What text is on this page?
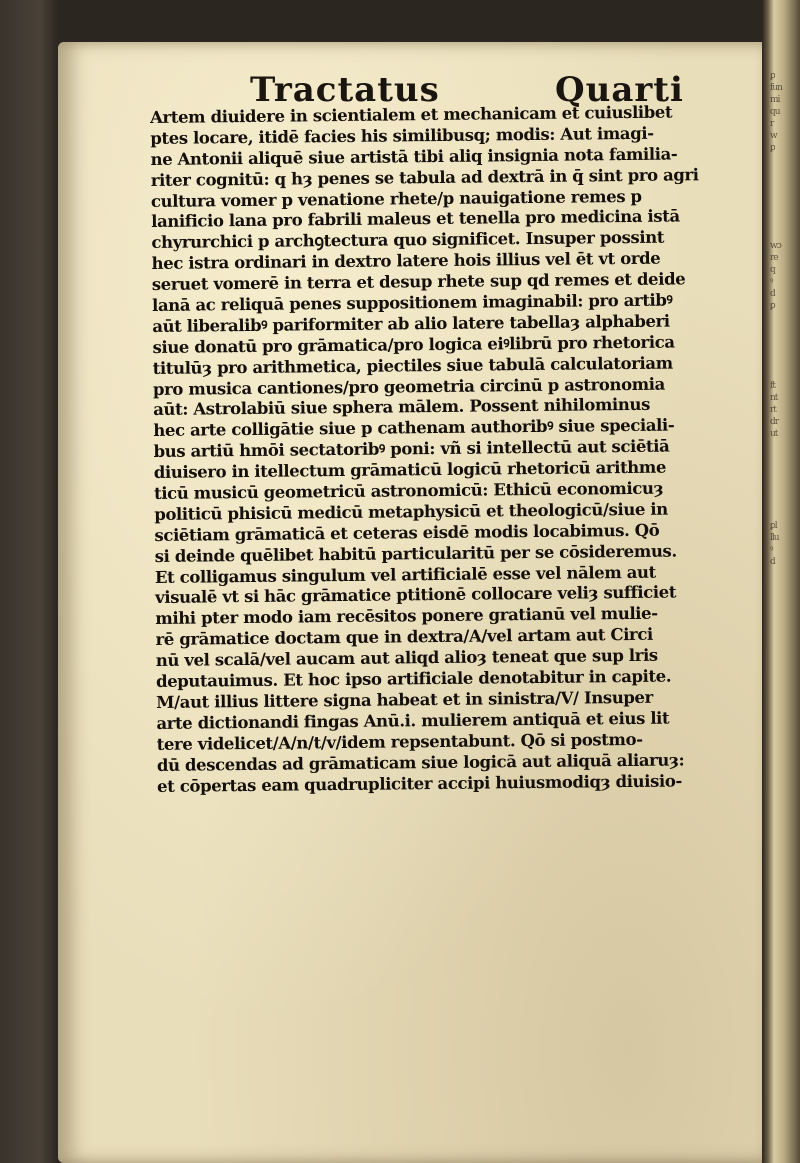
ꝑ
fun
mi
qu
r
w
ꝑ
wɔ
re
q
ꝰ
d
ꝑ
ft
nt
rt
dr
ut
ꝑl
llu
ꝰ
d
Tractatus	Quarti
Artem diuidere in scientialem et mechanicam et cuiuslibet
ptes locare, itidē facies his similibusq; modis: Aut imagi-
ne Antonii aliquē siue artistā tibi aliq insignia nota familia-
riter cognitū: q hȝ penes se tabula ad dextrā in q̄ sint pro agri
cultura vomer p venatione rhete/p nauigatione remes p
lanificio lana pro fabrili maleus et tenella pro medicina istā
chyrurchici p archꝯtectura quo significet. Insuper possint
hec istra ordinari in dextro latere hois illius vel ēt vt orde
seruet vomerē in terra et desup rhete sup qd remes et deide
lanā ac reliquā penes suppositionem imaginabil: pro artibꝰ
aūt liberalibꝰ pariformiter ab alio latere tabellaȝ alphaberi
siue donatū pro grāmatica/pro logica eiꝰlibrū pro rhetorica
titulūȝ pro arithmetica, piectiles siue tabulā calculatoriam
pro musica cantiones/pro geometria circinū p astronomia
aūt: Astrolabiū siue sphera mālem. Possent nihilominus
hec arte colligātie siue p cathenam authoribꝰ siue speciali-
bus artiū hmōi sectatoribꝰ poni: vñ si intellectū aut sciētiā
diuisero in itellectum grāmaticū logicū rhetoricū arithme
ticū musicū geometricū astronomicū: Ethicū economicuȝ
politicū phisicū medicū metaphysicū et theologicū/siue in
sciētiam grāmaticā et ceteras eisdē modis locabimus. Qō
si deinde quēlibet habitū particularitū per se cōsideremus.
Et colligamus singulum vel artificialē esse vel nālem aut
visualē vt si hāc grāmatice ptitionē collocare veliȝ sufficiet
mihi pter modo iam recēsitos ponere gratianū vel mulie-
rē grāmatice doctam que in dextra/A/vel artam aut Circi
nū vel scalā/vel aucam aut aliqd alioȝ teneat que sup lris
deputauimus. Et hoc ipso artificiale denotabitur in capite.
M/aut illius littere signa habeat et in sinistra/V/ Insuper
arte dictionandi fingas Anū.i. mulierem antiquā et eius lit
tere videlicet/A/n/t/v/idem repsentabunt. Qō si postmo-
dū descendas ad grāmaticam siue logicā aut aliquā aliaruȝ:
et cōpertas eam quadrupliciter accipi huiusmodiqȝ diuisio-
